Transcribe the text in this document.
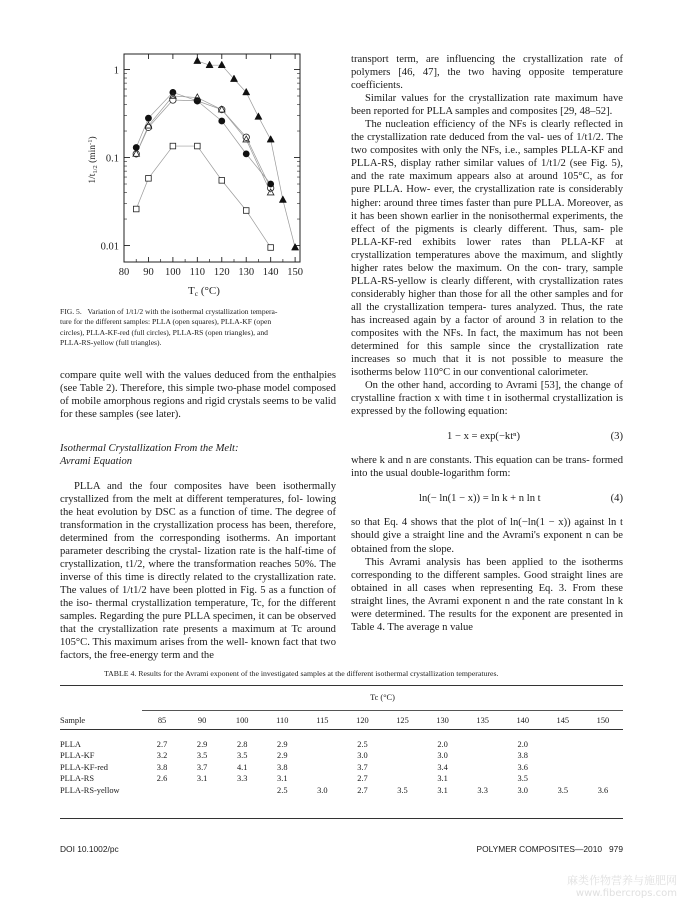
80 90 100 110 120 130 140 150
1
0.1
0.01
Tc (°C)
$1/t_{1/2}$ $(\min^{-1})$
FIG. 5. Variation of 1/t1/2 with the isothermal crystallization tempera-
ture for the different samples: PLLA (open squares), PLLA-KF (open
circles), PLLA-KF-red (full circles), PLLA-RS (open triangles), and
PLLA-RS-yellow (full triangles).

compare quite well with the values deduced from the enthalpies (see Table 2). Therefore, this simple two-phase model composed of mobile amorphous regions and rigid crystals seems to be valid for these samples (see later).

Isothermal Crystallization From the Melt:
Avrami Equation

PLLA and the four composites have been isothermally crystallized from the melt at different temperatures, fol- lowing the heat evolution by DSC as a function of time. The degree of transformation in the crystallization process has been, therefore, determined from the corresponding isotherms. An important parameter describing the crystal- lization rate is the half-time of crystallization, t1/2, where the transformation reaches 50%. The inverse of this time is directly related to the crystallization rate. The values of 1/t1/2 have been plotted in Fig. 5 as a function of the iso- thermal crystallization temperature, Tc, for the different samples. Regarding the pure PLLA specimen, it can be observed that the crystallization rate presents a maximum at Tc around 105°C. This maximum arises from the well- known fact that two factors, the free-energy term and the

transport term, are influencing the crystallization rate of polymers [46, 47], the two having opposite temperature coefficients.

Similar values for the crystallization rate maximum have been reported for PLLA samples and composites [29, 48–52].

The nucleation efficiency of the NFs is clearly reflected in the crystallization rate deduced from the val- ues of 1/t1/2. The two composites with only the NFs, i.e., samples PLLA-KF and PLLA-RS, display rather similar values of 1/t1/2 (see Fig. 5), and the rate maximum appears also at around 105°C, as for pure PLLA. How- ever, the crystallization rate is considerably higher: around three times faster than pure PLLA. Moreover, as it has been shown earlier in the nonisothermal experiments, the effect of the pigments is clearly different. Thus, sam- ple PLLA-KF-red exhibits lower rates than PLLA-KF at crystallization temperatures above the maximum, and slightly higher rates below the maximum. On the con- trary, sample PLLA-RS-yellow is clearly different, with crystallization rates considerably higher than those for all the other samples and for all the crystallization tempera- tures analyzed. Thus, the rate has increased again by a factor of around 3 in relation to the composites with the NFs. In fact, the maximum has not been determined for this sample since the crystallization rate increases so much that it is not possible to measure the isotherms below 110°C in our conventional calorimeter.

On the other hand, according to Avrami [53], the change of crystalline fraction x with time t in isothermal crystallization is expressed by the following equation:

1 − x = exp(−ktⁿ)	(3)

where k and n are constants. This equation can be trans- formed into the usual double-logarithm form:

ln(− ln(1 − x)) = ln k + n ln t	(4)

so that Eq. 4 shows that the plot of ln(−ln(1 − x)) against ln t should give a straight line and the Avrami's exponent n can be obtained from the slope.

This Avrami analysis has been applied to the isotherms corresponding to the different samples. Good straight lines are obtained in all cases when representing Eq. 3. From these straight lines, the Avrami exponent n and the rate constant ln k were determined. The results for the exponent are presented in Table 4. The average n value

TABLE 4. Results for the Avrami exponent of the investigated samples at the different isothermal crystallization temperatures.
	Tc (°C)											

Sample	85	90	100	110	115	120	125	130	135	140	145	150
PLLA	2.7	2.9	2.8	2.9		2.5		2.0		2.0		
PLLA-KF	3.2	3.5	3.5	2.9		3.0		3.0		3.8		
PLLA-KF-red	3.8	3.7	4.1	3.8		3.7		3.4		3.6		
PLLA-RS	2.6	3.1	3.3	3.1		2.7		3.1		3.5		
PLLA-RS-yellow				2.5	3.0	2.7	3.5	3.1	3.3	3.0	3.5	3.6
DOI 10.1002/pc	POLYMER COMPOSITES—2010 979
麻类作物营养与施肥网
www.fibercrops.com
